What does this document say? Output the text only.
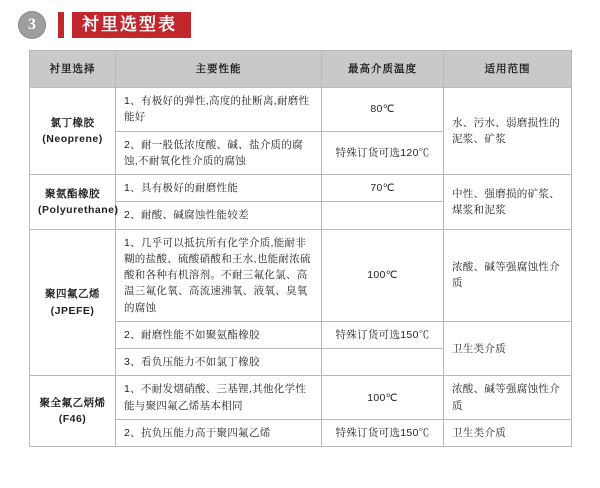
3	衬里选型表
衬里选择	主要性能	最高介质温度	适用范围
氯丁橡胶
(Neoprene)	1、有极好的弹性,高度的扯断离,耐磨性能好	80℃	水、污水、弱磨损性的泥浆、矿浆
	2、耐一般低浓度酸、碱、盐介质的腐蚀,不耐氧化性介质的腐蚀	特殊订货可选120℃	
聚氨酯橡胶
(Polyurethane)	1、具有极好的耐磨性能	70℃	中性、强磨损的矿浆、煤浆和泥浆
	2、耐酸、碱腐蚀性能较差		
聚四氟乙烯
(JPEFE)	1、几乎可以抵抗所有化学介质,能耐非糊的盐酸、硫酸硝酸和王水,也能耐浓硫酸和各种有机溶剂。不耐三氟化氯、高温三氟化氧、高流速沸氧、液氧、臭氧的腐蚀	100℃	浓酸、碱等强腐蚀性介质
	2、耐磨性能不如聚氨酯橡胶	特殊订货可选150℃	卫生类介质
	3、看负压能力不如氯丁橡胶		
聚全氟乙炳烯
(F46)	1、不耐发烟硝酸、三基锂,其他化学性能与聚四氟乙烯基本相同	100℃	浓酸、碱等强腐蚀性介质
	2、抗负压能力高于聚四氟乙烯	特殊订货可选150℃	卫生类介质
